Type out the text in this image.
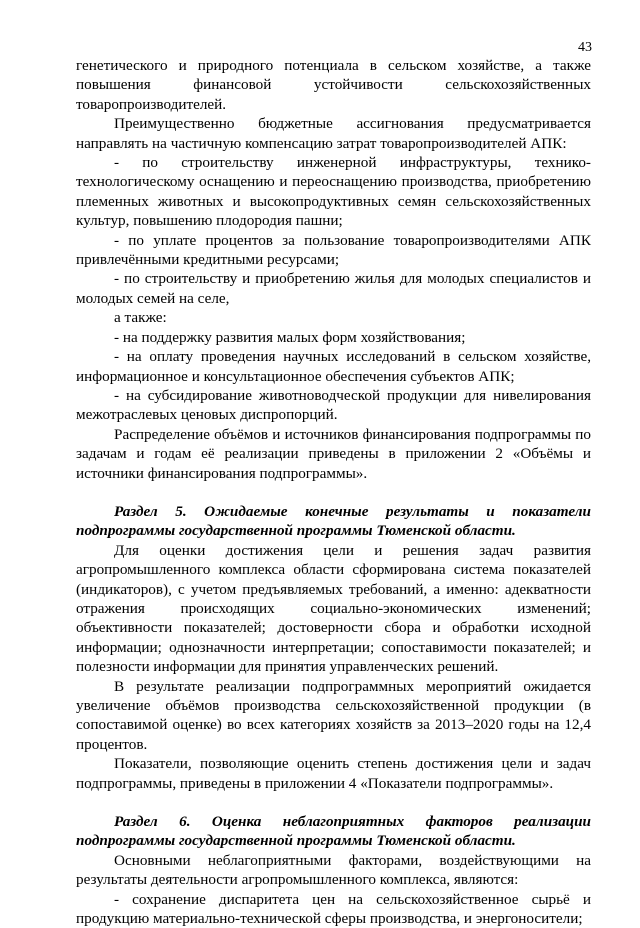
43

генетического и природного потенциала в сельском хозяйстве, а также повышения финансовой устойчивости сельскохозяйственных товаропроизводителей.

Преимущественно бюджетные ассигнования предусматривается направлять на частичную компенсацию затрат товаропроизводителей АПК:

- по строительству инженерной инфраструктуры, технико-технологическому оснащению и переоснащению производства, приобретению племенных животных и высокопродуктивных семян сельскохозяйственных культур, повышению плодородия пашни;

- по уплате процентов за пользование товаропроизводителями АПК привлечёнными кредитными ресурсами;

- по строительству и приобретению жилья для молодых специалистов и молодых семей на селе,

а также:

- на поддержку развития малых форм хозяйствования;

- на оплату проведения научных исследований в сельском хозяйстве, информационное и консультационное обеспечения субъектов АПК;

- на субсидирование животноводческой продукции для нивелирования межотраслевых ценовых диспропорций.

Распределение объёмов и источников финансирования подпрограммы по задачам и годам её реализации приведены в приложении 2 «Объёмы и источники финансирования подпрограммы».

Раздел 5. Ожидаемые конечные результаты и показатели подпрограммы государственной программы Тюменской области.

Для оценки достижения цели и решения задач развития агропромышленного комплекса области сформирована система показателей (индикаторов), с учетом предъявляемых требований, а именно: адекватности отражения происходящих социально-экономических изменений; объективности показателей; достоверности сбора и обработки исходной информации; однозначности интерпретации; сопоставимости показателей; и полезности информации для принятия управленческих решений.

В результате реализации подпрограммных мероприятий ожидается увеличение объёмов производства сельскохозяйственной продукции (в сопоставимой оценке) во всех категориях хозяйств за 2013–2020 годы на 12,4 процентов.

Показатели, позволяющие оценить степень достижения цели и задач подпрограммы, приведены в приложении 4 «Показатели подпрограммы».

Раздел 6. Оценка неблагоприятных факторов реализации подпрограммы государственной программы Тюменской области.

Основными неблагоприятными факторами, воздействующими на результаты деятельности агропромышленного комплекса, являются:

- сохранение диспаритета цен на сельскохозяйственное сырьё и продукцию материально-технической сферы производства, и энергоносители;
